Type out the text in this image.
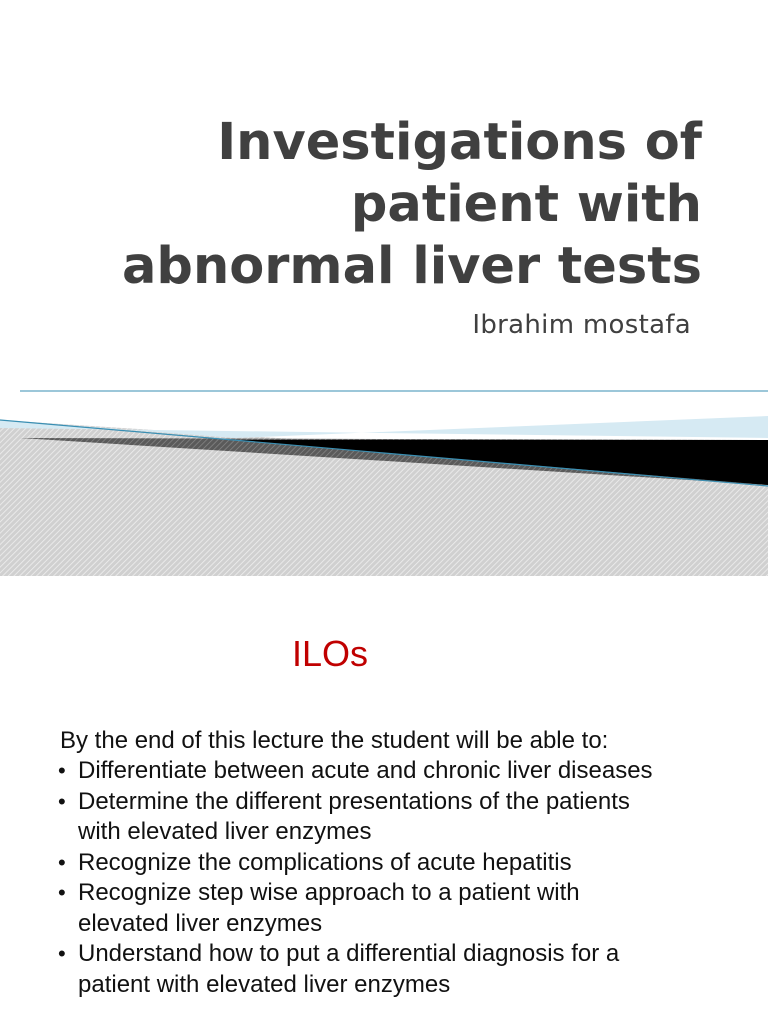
Investigations of
patient with
abnormal liver tests
Ibrahim mostafa
ILOs
By the end of this lecture the student will be able to:
• Differentiate between acute and chronic liver diseases
• Determine the different presentations of the patients
with elevated liver enzymes
• Recognize the complications of acute hepatitis
• Recognize step wise approach to a patient with
elevated liver enzymes
• Understand how to put a differential diagnosis for a
patient with elevated liver enzymes
